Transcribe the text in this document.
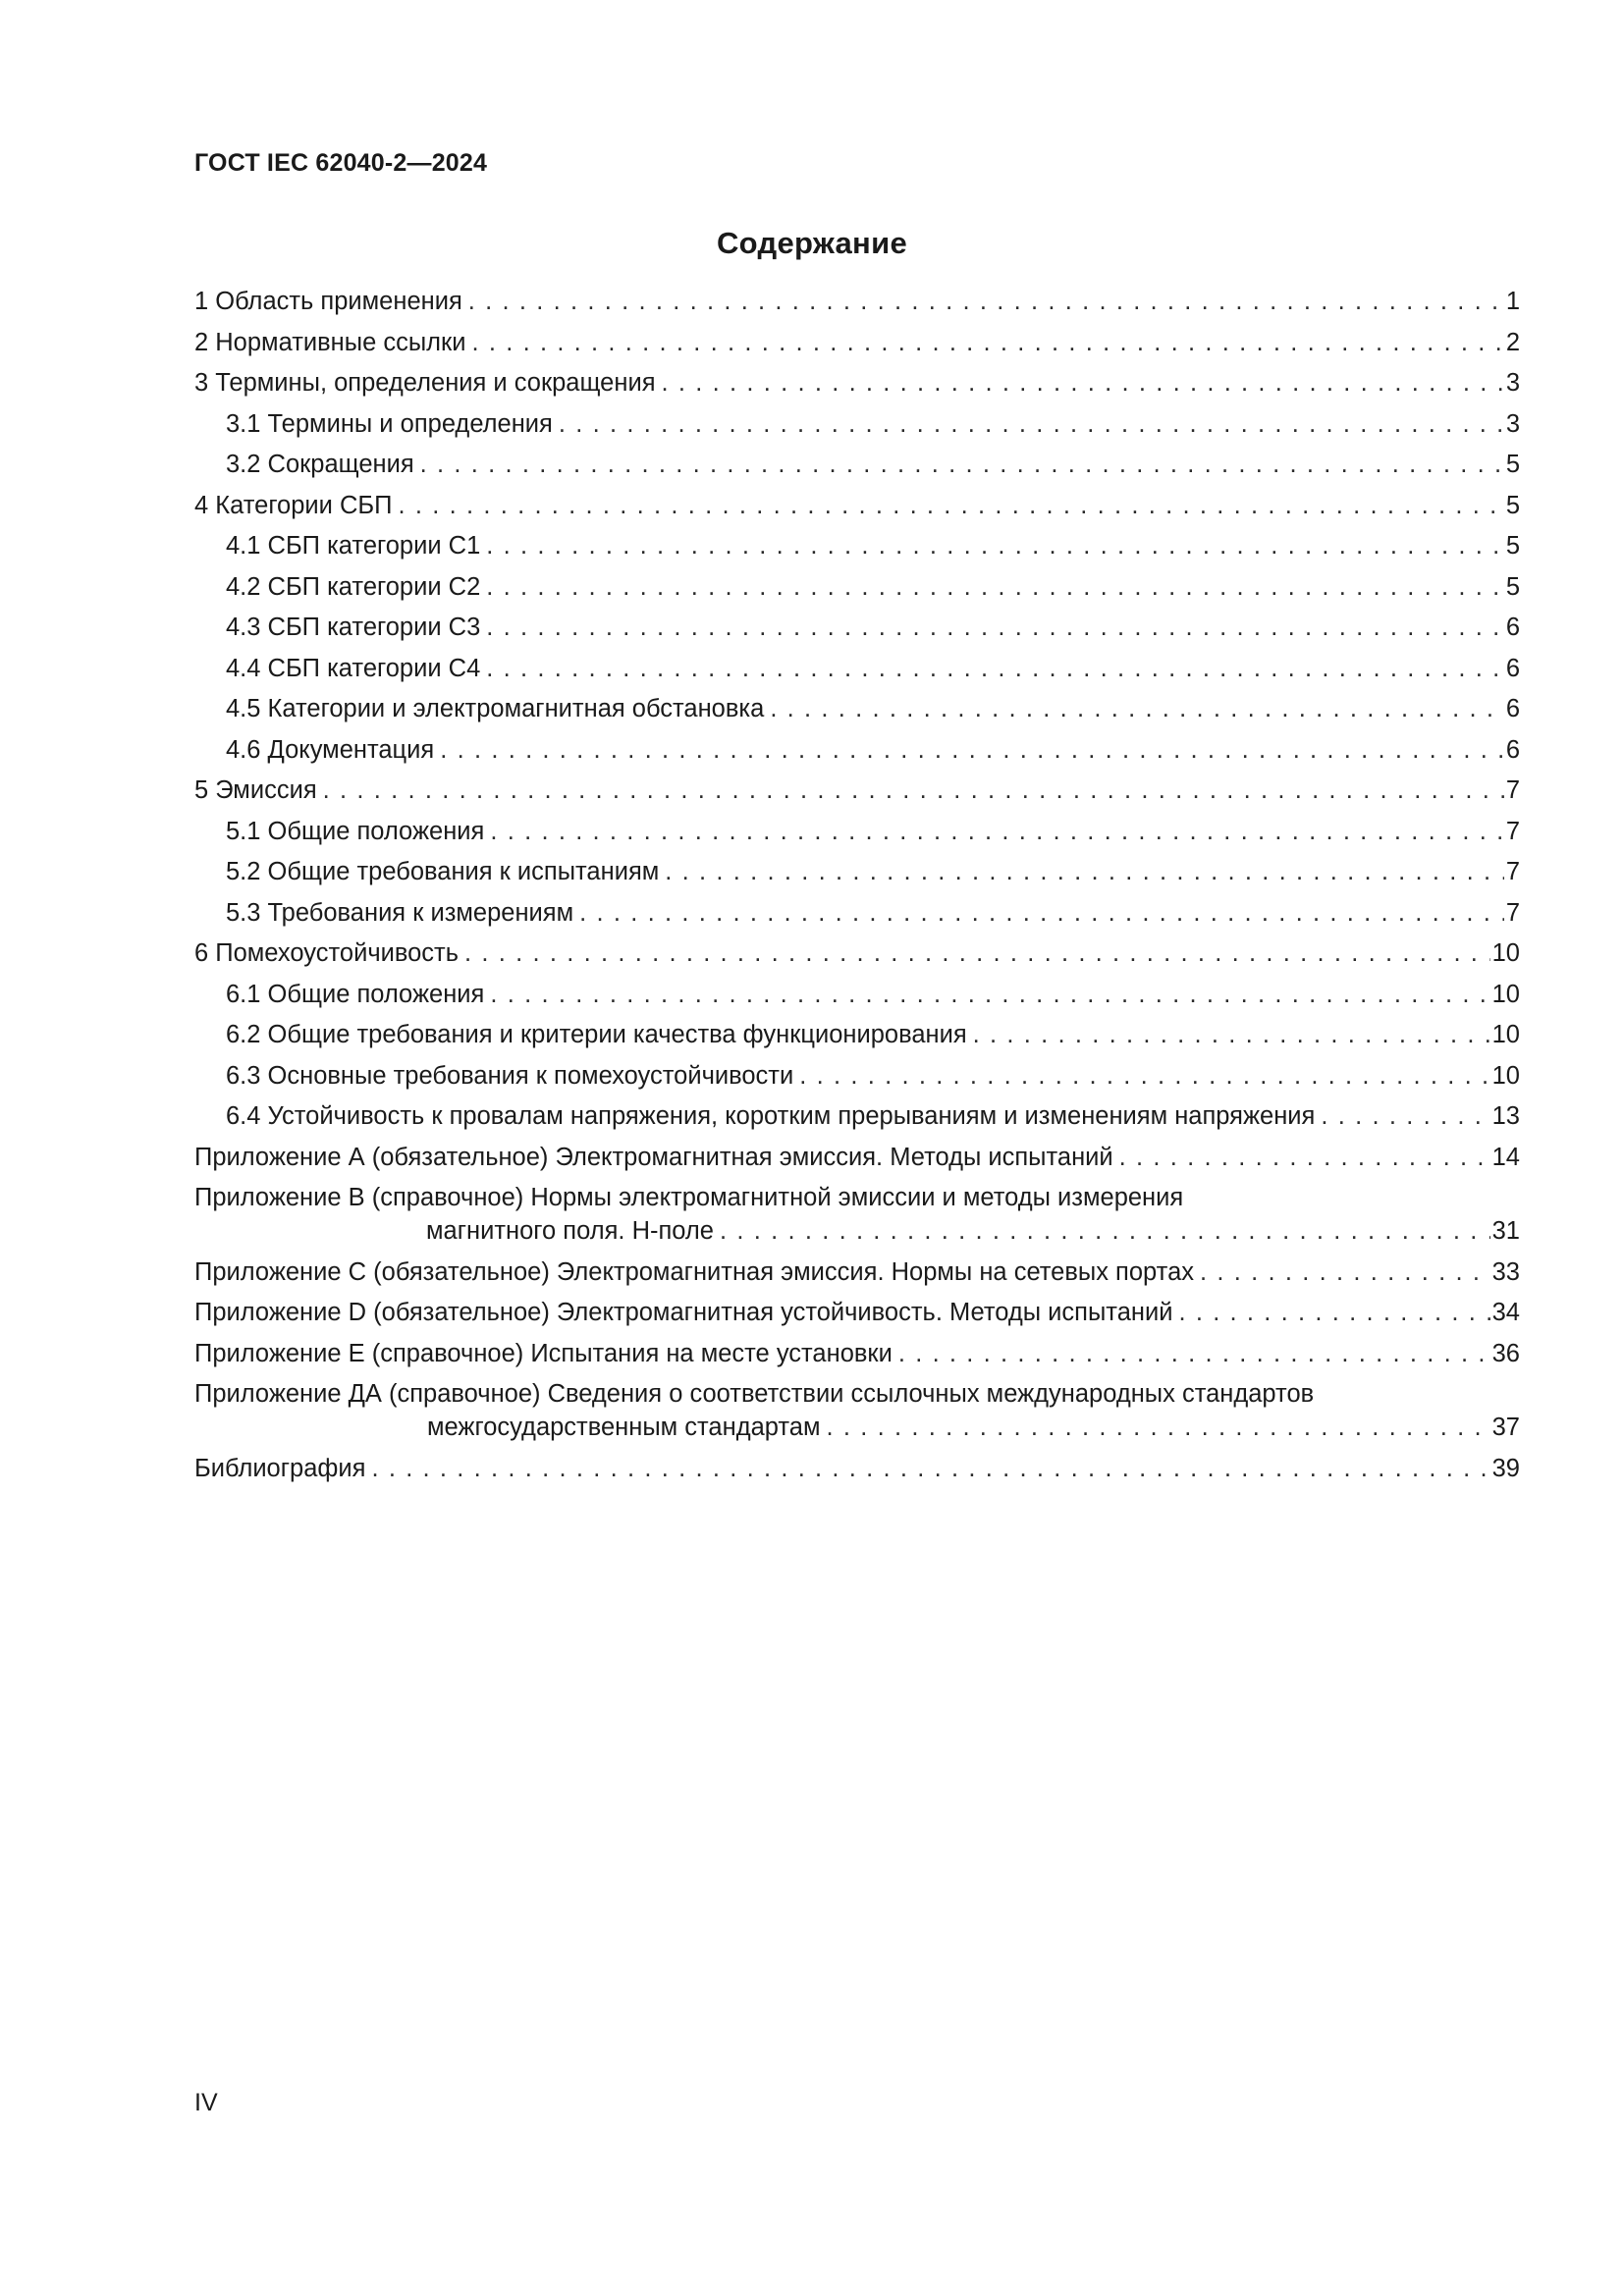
ГОСТ IEC 62040-2—2024
Содержание
1 Область применения . . .	1
2 Нормативные ссылки . . .	2
3 Термины, определения и сокращения . . .	3
3.1 Термины и определения . . .	3
3.2 Сокращения . . .	5
4 Категории СБП . . .	5
4.1 СБП категории С1 . . .	5
4.2 СБП категории С2 . . .	5
4.3 СБП категории С3 . . .	6
4.4 СБП категории С4 . . .	6
4.5 Категории и электромагнитная обстановка . . .	6
4.6 Документация . . .	6
5 Эмиссия . . .	7
5.1 Общие положения . . .	7
5.2 Общие требования к испытаниям . . .	7
5.3 Требования к измерениям . . .	7
6 Помехоустойчивость . . .	10
6.1 Общие положения . . .	10
6.2 Общие требования и критерии качества функционирования . . .	10
6.3 Основные требования к помехоустойчивости . . .	10
6.4 Устойчивость к провалам напряжения, коротким прерываниям и изменениям напряжения . . .	13
Приложение А (обязательное) Электромагнитная эмиссия. Методы испытаний . . .	14
Приложение В (справочное) Нормы электромагнитной эмиссии и методы измерения
магнитного поля. Н-поле . . .	31
Приложение С (обязательное) Электромагнитная эмиссия. Нормы на сетевых портах . . .	33
Приложение D (обязательное) Электромагнитная устойчивость. Методы испытаний . . .	34
Приложение Е (справочное) Испытания на месте установки . . .	36
Приложение ДА (справочное) Сведения о соответствии ссылочных международных стандартов
межгосударственным стандартам . . .	37
Библиография . . .	39
IV
